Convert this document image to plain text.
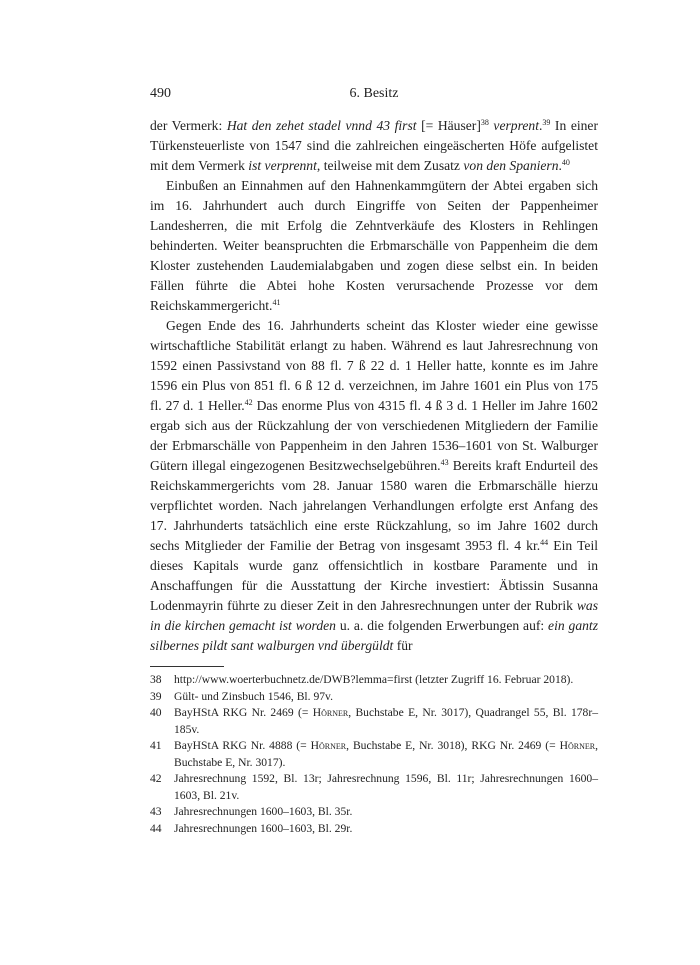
490	6. Besitz

der Vermerk: Hat den zehet stadel vnnd 43 first [= Häuser]$^{38}$ verprent.$^{39}$ In einer Türkensteuerliste von 1547 sind die zahlreichen eingeäscherten Höfe aufgelistet mit dem Vermerk ist verprennt, teilweise mit dem Zusatz von den Spaniern.$^{40}$

Einbußen an Einnahmen auf den Hahnenkammgütern der Abtei ergaben sich im 16. Jahrhundert auch durch Eingriffe von Seiten der Pappenheimer Landesherren, die mit Erfolg die Zehntverkäufe des Klosters in Rehlingen behinderten. Weiter beanspruchten die Erbmarschälle von Pappenheim die dem Kloster zustehenden Laudemialabgaben und zogen diese selbst ein. In beiden Fällen führte die Abtei hohe Kosten verursachende Prozesse vor dem Reichskammergericht.$^{41}$

Gegen Ende des 16. Jahrhunderts scheint das Kloster wieder eine gewisse wirtschaftliche Stabilität erlangt zu haben. Während es laut Jahresrechnung von 1592 einen Passivstand von 88 fl. 7 ß 22 d. 1 Heller hatte, konnte es im Jahre 1596 ein Plus von 851 fl. 6 ß 12 d. verzeichnen, im Jahre 1601 ein Plus von 175 fl. 27 d. 1 Heller.$^{42}$ Das enorme Plus von 4315 fl. 4 ß 3 d. 1 Heller im Jahre 1602 ergab sich aus der Rückzahlung der von verschiedenen Mitgliedern der Familie der Erbmarschälle von Pappenheim in den Jahren 1536–1601 von St. Walburger Gütern illegal eingezogenen Besitzwechselgebühren.$^{43}$ Bereits kraft Endurteil des Reichskammergerichts vom 28. Januar 1580 waren die Erbmarschälle hierzu verpflichtet worden. Nach jahrelangen Verhandlungen erfolgte erst Anfang des 17. Jahrhunderts tatsächlich eine erste Rückzahlung, so im Jahre 1602 durch sechs Mitglieder der Familie der Betrag von insgesamt 3953 fl. 4 kr.$^{44}$ Ein Teil dieses Kapitals wurde ganz offensichtlich in kostbare Paramente und in Anschaffungen für die Ausstattung der Kirche investiert: Äbtissin Susanna Lodenmayrin führte zu dieser Zeit in den Jahresrechnungen unter der Rubrik was in die kirchen gemacht ist worden u. a. die folgenden Erwerbungen auf: ein gantz silbernes pildt sant walburgen vnd übergüldt für

38 http://www.woerterbuchnetz.de/DWB?lemma=first (letzter Zugriff 16. Februar 2018).
39 Gült- und Zinsbuch 1546, Bl. 97v.
40 BayHStA RKG Nr. 2469 (= Hörner, Buchstabe E, Nr. 3017), Quadrangel 55, Bl. 178r–185v.
41 BayHStA RKG Nr. 4888 (= Hörner, Buchstabe E, Nr. 3018), RKG Nr. 2469 (= Hörner, Buchstabe E, Nr. 3017).
42 Jahresrechnung 1592, Bl. 13r; Jahresrechnung 1596, Bl. 11r; Jahresrechnungen 1600–1603, Bl. 21v.
43 Jahresrechnungen 1600–1603, Bl. 35r.
44 Jahresrechnungen 1600–1603, Bl. 29r.
